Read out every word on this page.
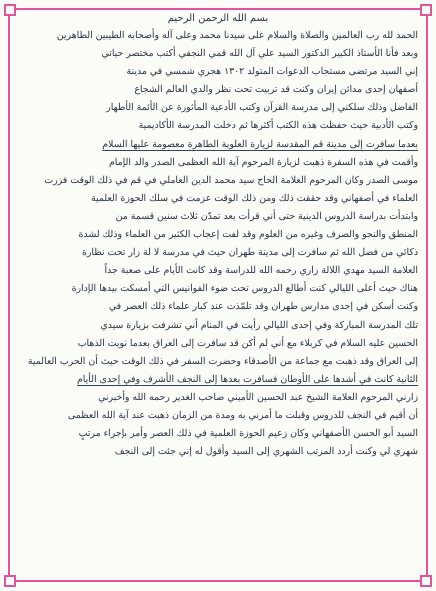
بسم الله الرحمن الرحيم
الحمد لله رب العالمين والصلاة والسلام على سيدنا محمد وعلى آله وأصحابه الطيبين الطاهرين
وبعد فأنا الأستاذ الكبير الدكتور السيد علي آل الله قمي النجفي أكتب مختصر حياتي
إني السيد مرتضى مستجاب الدعوات المتولد ١٣٠٢ هجري شمسي في مدينة
أصفهان إحدى مدائن إيران وكنت قد تربيت تحت نظر والدي العالم الشجاع
الفاضل وذلك سلكني إلى مدرسة القرآن وكتب الأدعية المأثورة عن الأئمة الأطهار
وكتب الأدبية حيث حفظت هذه الكتب أكثرها ثم دخلت المدرسة الأكاديمية
بعدما سافرت إلى مدينة قم المقدسة لزيارة العلوية الطاهرة معصومة عليها السلام
وأقمت في هذه السفرة ذهبت لزيارة المرحوم آية الله العظمى الصدر والد الإمام
موسى الصدر وكان المرحوم العلامة الحاج سيد محمد الدين العاملي في قم في ذلك الوقت فزرت
العلماء في أصفهاني وقد حققت ذلك ومن ذلك الوقت عزمت في سلك الحوزة العلمية
وابتدأت بدراسة الدروس الدينية حتى أني قرأت بعد تمدّن ثلاث سنين قسمة من
المنطق والنحو والصرف وغيره من العلوم وقد لفت إعجاب الكثير من العلماء وذلك لشدة
ذكائي من فضل الله ثم سافرت إلى مدينة طهران حيث في مدرسة لا لة زار تحت نظارة
العلامة السيد مهدي اللالة زاري رحمه الله للدراسة وقد كانت الأيام على صعبة جداً
هناك حيث أعلى الليالي كنت أطالع الدروس تحت ضوء الفوانيس التي أمسكت بيدها الإدارة
وكنت أسكن في إحدى مدارس طهران وقد تلمّذت عند كبار علماء ذلك العصر في
تلك المدرسة المباركة وفي إحدى الليالي رأيت في المنام أني تشرفت بزيارة سيدي
الحسين عليه السلام في كربلاء مع أني لم أكن قد سافرت إلى العراق بعدما نويت الذهاب
إلى العراق وقد ذهبت مع جماعة من الأصدقاء وحضرت السفر في ذلك الوقت حيث أن الحرب العالمية
الثانية كانت في أشدها على الأوطان فسافرت بعدها إلى النجف الأشرف وفي إحدى الأيام
زارني المرحوم العلامة الشيخ عبد الحسين الأميني صاحب الغدير رحمه الله وأخبرني
أن أقيم في النجف للدروس وقبلت ما أمرني به ومدة من الزمان ذهبت عند آية الله العظمى
السيد أبو الحسن الأصفهاني وكان زعيم الحوزة العلمية في ذلك العصر وأمر بإجراء مرتبٍ
شهري لي وكنت أردد المرتب الشهري إلى السيد وأقول له إني جئت إلى النجف
